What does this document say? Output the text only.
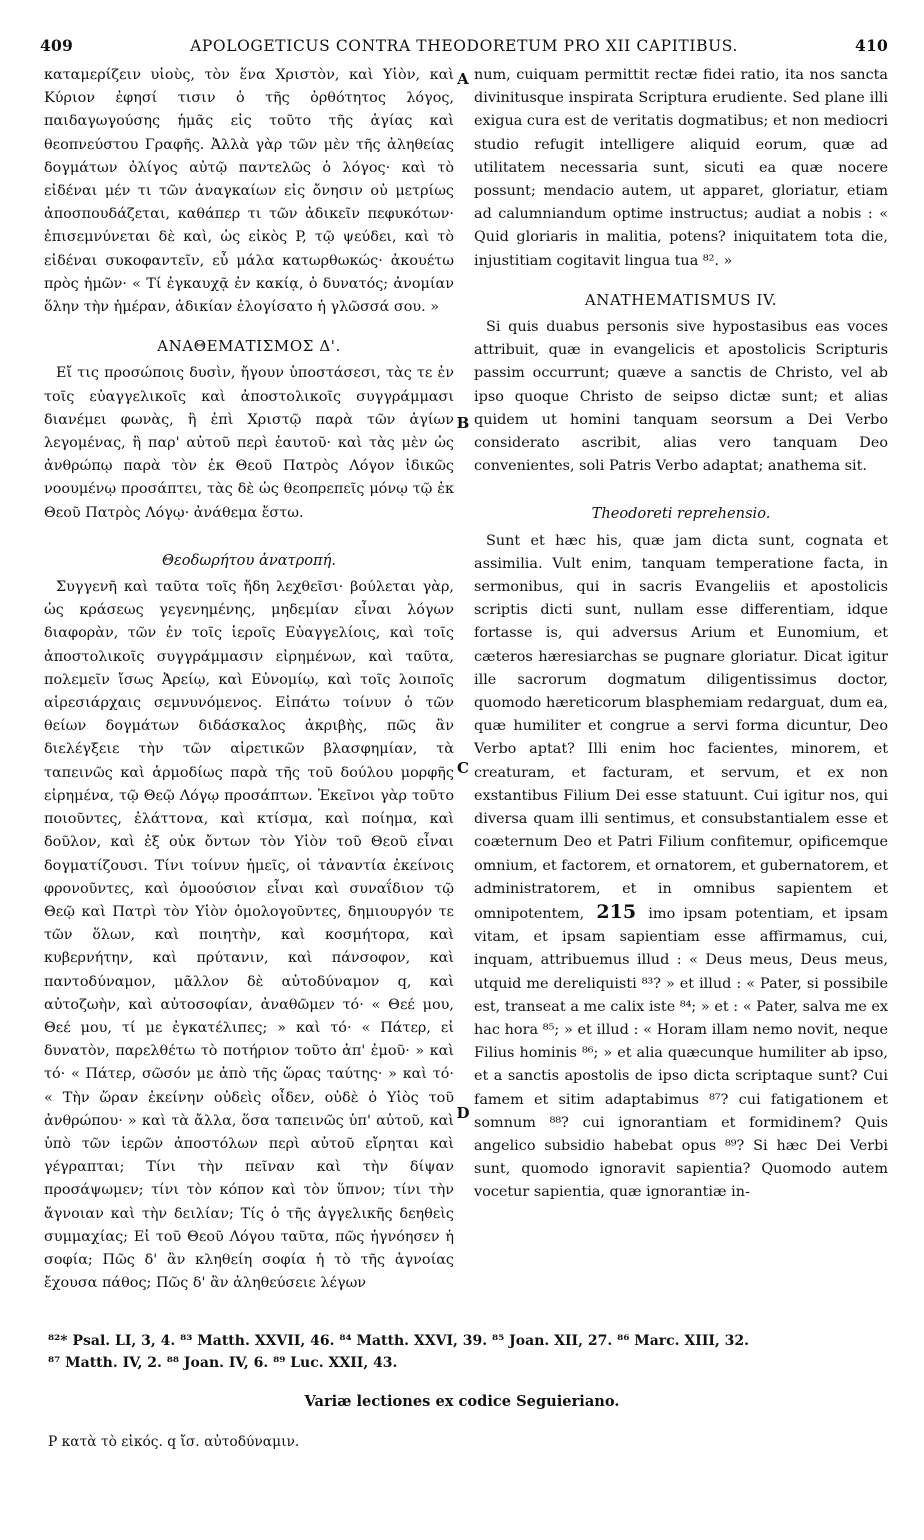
409	APOLOGETICUS CONTRA THEODORETUM PRO XII CAPITIBUS.	410

καταμερίζειν υἱοὺς, τὸν ἕνα Χριστὸν, καὶ Υἱὸν, καὶ Κύριον ἐφησί τισιν ὁ τῆς ὀρθότητος λόγος, παιδαγωγούσης ἡμᾶς εἰς τοῦτο τῆς ἁγίας καὶ θεοπνεύστου Γραφῆς. Ἀλλὰ γὰρ τῶν μὲν τῆς ἀληθείας δογμάτων ὀλίγος αὐτῷ παντελῶς ὁ λόγος· καὶ τὸ εἰδέναι μέν τι τῶν ἀναγκαίων εἰς ὄνησιν οὐ μετρίως ἀποσπουδάζεται, καθάπερ τι τῶν ἀδικεῖν πεφυκότων· ἐπισεμνύνεται δὲ καὶ, ὡς εἰκὸς P, τῷ ψεύδει, καὶ τὸ εἰδέναι συκοφαντεῖν, εὖ μάλα κατωρθωκώς· ἀκουέτω πρὸς ἡμῶν· « Τί ἐγκαυχᾷ ἐν κακίᾳ, ὁ δυνατός; ἀνομίαν ὅλην τὴν ἡμέραν, ἀδικίαν ἐλογίσατο ἡ γλῶσσά σου. »

ΑΝΑΘΕΜΑΤΙΣΜΟΣ Δ'.

Εἴ τις προσώποις δυσὶν, ἤγουν ὑποστάσεσι, τὰς τε ἐν τοῖς εὐαγγελικοῖς καὶ ἀποστολικοῖς συγγράμμασι διανέμει φωνὰς, ἢ ἐπὶ Χριστῷ παρὰ τῶν ἁγίων λεγομένας, ἢ παρ' αὐτοῦ περὶ ἑαυτοῦ· καὶ τὰς μὲν ὡς ἀνθρώπῳ παρὰ τὸν ἐκ Θεοῦ Πατρὸς Λόγον ἰδικῶς νοουμένῳ προσάπτει, τὰς δὲ ὡς θεοπρεπεῖς μόνῳ τῷ ἐκ Θεοῦ Πατρὸς Λόγῳ· ἀνάθεμα ἔστω.

Θεοδωρήτου ἀνατροπή.

Συγγενῆ καὶ ταῦτα τοῖς ἤδη λεχθεῖσι· βούλεται γὰρ, ὡς κράσεως γεγενημένης, μηδεμίαν εἶναι λόγων διαφορὰν, τῶν ἐν τοῖς ἱεροῖς Εὐαγγελίοις, καὶ τοῖς ἀποστολικοῖς συγγράμμασιν εἰρημένων, καὶ ταῦτα, πολεμεῖν ἴσως Ἀρείῳ, καὶ Εὐνομίῳ, καὶ τοῖς λοιποῖς αἱρεσιάρχαις σεμνυνόμενος. Εἰπάτω τοίνυν ὁ τῶν θείων δογμάτων διδάσκαλος ἀκριβὴς, πῶς ἂν διελέγξειε τὴν τῶν αἱρετικῶν βλασφημίαν, τὰ ταπεινῶς καὶ ἁρμοδίως παρὰ τῆς τοῦ δούλου μορφῆς εἰρημένα, τῷ Θεῷ Λόγῳ προσάπτων. Ἐκεῖνοι γὰρ τοῦτο ποιοῦντες, ἐλάττονα, καὶ κτίσμα, καὶ ποίημα, καὶ δοῦλον, καὶ ἐξ οὐκ ὄντων τὸν Υἱὸν τοῦ Θεοῦ εἶναι δογματίζουσι. Τίνι τοίνυν ἡμεῖς, οἱ τἀναντία ἐκείνοις φρονοῦντες, καὶ ὁμοούσιον εἶναι καὶ συναΐδιον τῷ Θεῷ καὶ Πατρὶ τὸν Υἱὸν ὁμολογοῦντες, δημιουργόν τε τῶν ὅλων, καὶ ποιητὴν, καὶ κοσμήτορα, καὶ κυβερνήτην, καὶ πρύτανιν, καὶ πάνσοφον, καὶ παντοδύναμον, μᾶλλον δὲ αὐτοδύναμον q, καὶ αὐτοζωὴν, καὶ αὐτοσοφίαν, ἀναθῶμεν τό· « Θεέ μου, Θεέ μου, τί με ἐγκατέλιπες; » καὶ τό· « Πάτερ, εἰ δυνατὸν, παρελθέτω τὸ ποτήριον τοῦτο ἀπ' ἐμοῦ· » καὶ τό· « Πάτερ, σῶσόν με ἀπὸ τῆς ὥρας ταύτης· » καὶ τό· « Τὴν ὥραν ἐκείνην οὐδεὶς οἶδεν, οὐδὲ ὁ Υἱὸς τοῦ ἀνθρώπου· » καὶ τὰ ἄλλα, ὅσα ταπεινῶς ὑπ' αὐτοῦ, καὶ ὑπὸ τῶν ἱερῶν ἀποστόλων περὶ αὐτοῦ εἴρηται καὶ γέγραπται; Τίνι τὴν πεῖναν καὶ τὴν δίψαν προσάψωμεν; τίνι τὸν κόπον καὶ τὸν ὕπνον; τίνι τὴν ἄγνοιαν καὶ τὴν δειλίαν; Τίς ὁ τῆς ἀγγελικῆς δεηθεὶς συμμαχίας; Εἰ τοῦ Θεοῦ Λόγου ταῦτα, πῶς ἠγνόησεν ἡ σοφία; Πῶς δ' ἂν κληθείη σοφία ἡ τὸ τῆς ἀγνοίας ἔχουσα πάθος; Πῶς δ' ἂν ἀληθεύσειε λέγων

A
B
C
D

num, cuiquam permittit rectæ fidei ratio, ita nos sancta divinitusque inspirata Scriptura erudiente. Sed plane illi exigua cura est de veritatis dogmatibus; et non mediocri studio refugit intelligere aliquid eorum, quæ ad utilitatem necessaria sunt, sicuti ea quæ nocere possunt; mendacio autem, ut apparet, gloriatur, etiam ad calumniandum optime instructus; audiat a nobis : « Quid gloriaris in malitia, potens? iniquitatem tota die, injustitiam cogitavit lingua tua ⁸². »

ANATHEMATISMUS IV.

Si quis duabus personis sive hypostasibus eas voces attribuit, quæ in evangelicis et apostolicis Scripturis passim occurrunt; quæve a sanctis de Christo, vel ab ipso quoque Christo de seipso dictæ sunt; et alias quidem ut homini tanquam seorsum a Dei Verbo considerato ascribit, alias vero tanquam Deo convenientes, soli Patris Verbo adaptat; anathema sit.

Theodoreti reprehensio.

Sunt et hæc his, quæ jam dicta sunt, cognata et assimilia. Vult enim, tanquam temperatione facta, in sermonibus, qui in sacris Evangeliis et apostolicis scriptis dicti sunt, nullam esse differentiam, idque fortasse is, qui adversus Arium et Eunomium, et cæteros hæresiarchas se pugnare gloriatur. Dicat igitur ille sacrorum dogmatum diligentissimus doctor, quomodo hæreticorum blasphemiam redarguat, dum ea, quæ humiliter et congrue a servi forma dicuntur, Deo Verbo aptat? Illi enim hoc facientes, minorem, et creaturam, et facturam, et servum, et ex non exstantibus Filium Dei esse statuunt. Cui igitur nos, qui diversa quam illi sentimus, et consubstantialem esse et coæternum Deo et Patri Filium confitemur, opificemque omnium, et factorem, et ornatorem, et gubernatorem, et administratorem, et in omnibus sapientem et omnipotentem, 215 imo ipsam potentiam, et ipsam vitam, et ipsam sapientiam esse affirmamus, cui, inquam, attribuemus illud : « Deus meus, Deus meus, utquid me dereliquisti ⁸³? » et illud : « Pater, si possibile est, transeat a me calix iste ⁸⁴; » et : « Pater, salva me ex hac hora ⁸⁵; » et illud : « Horam illam nemo novit, neque Filius hominis ⁸⁶; » et alia quæcunque humiliter ab ipso, et a sanctis apostolis de ipso dicta scriptaque sunt? Cui famem et sitim adaptabimus ⁸⁷? cui fatigationem et somnum ⁸⁸? cui ignorantiam et formidinem? Quis angelico subsidio habebat opus ⁸⁹? Si hæc Dei Verbi sunt, quomodo ignoravit sapientia? Quomodo autem vocetur sapientia, quæ ignorantiæ in-

⁸²* Psal. LI, 3, 4. ⁸³ Matth. XXVII, 46. ⁸⁴ Matth. XXVI, 39. ⁸⁵ Joan. XII, 27. ⁸⁶ Marc. XIII, 32.
⁸⁷ Matth. IV, 2. ⁸⁸ Joan. IV, 6. ⁸⁹ Luc. XXII, 43.
Variæ lectiones ex codice Seguieriano.
P κατὰ τὸ εἰκός. q ἴσ. αὐτοδύναμιν.
